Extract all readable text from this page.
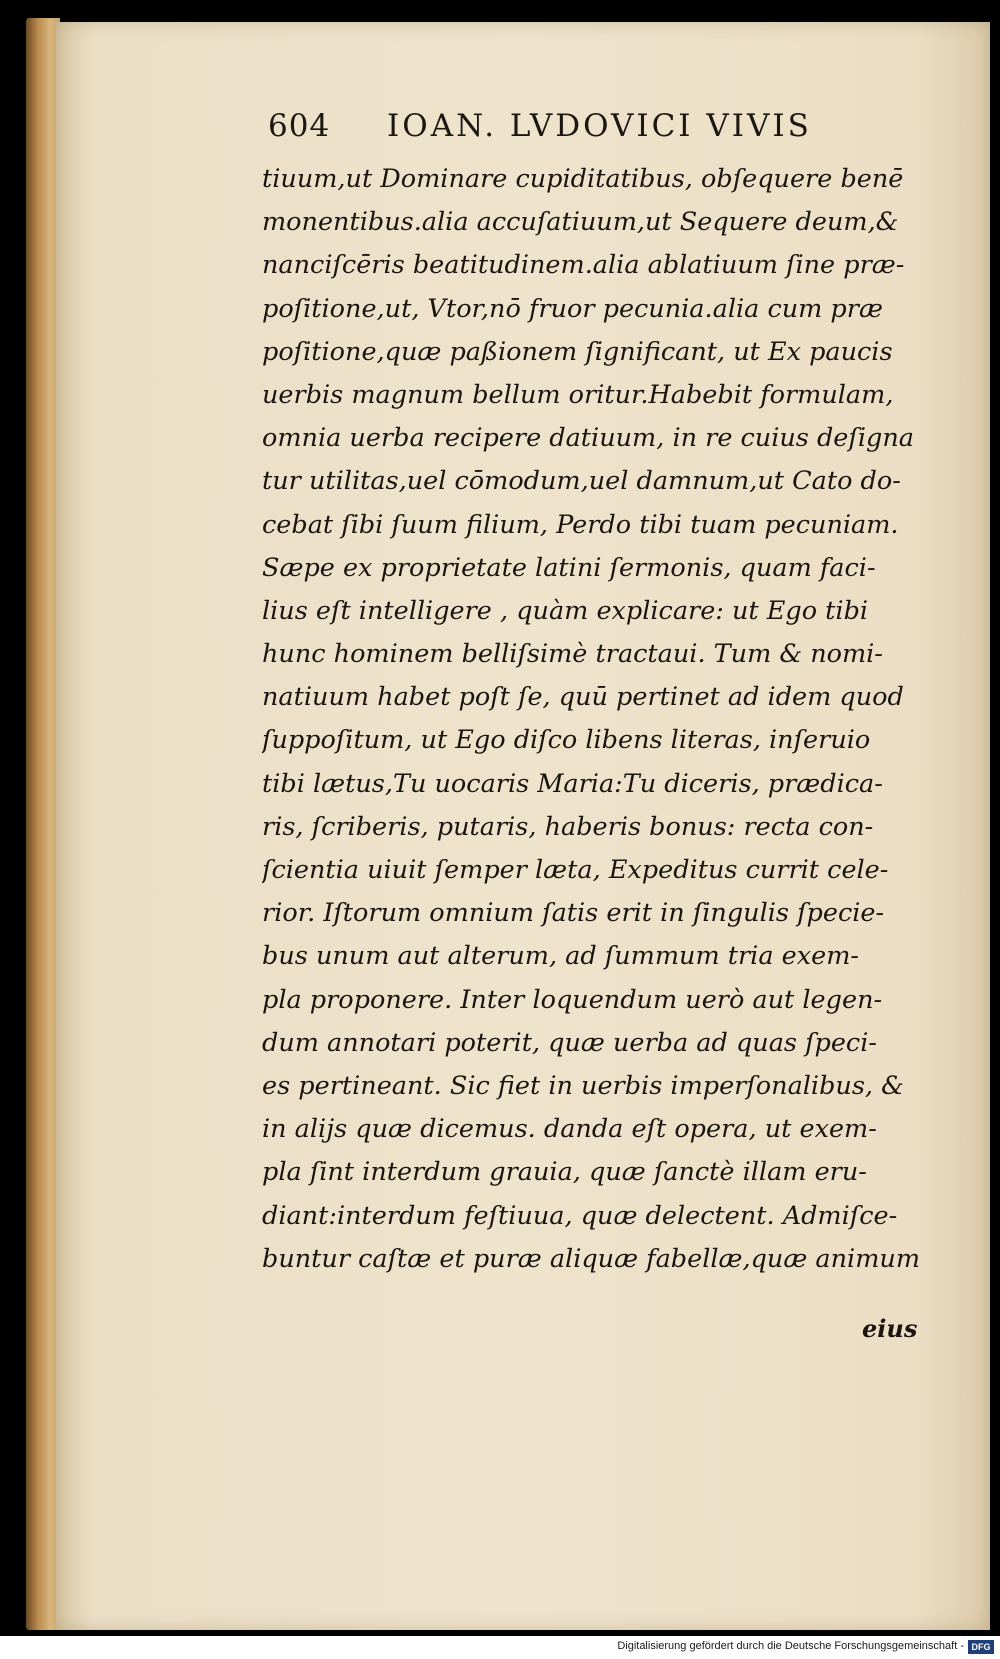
604 IOAN. LVDOVICI VIVIS
tiuum,ut Dominare cupiditatibus, obſequere benē
monentibus.alia accuſatiuum,ut Sequere deum,&
nanciſcēris beatitudinem.alia ablatiuum ſine præ-
poſitione,ut, Vtor,nō fruor pecunia.alia cum præ
poſitione,quæ paßionem ſignificant, ut Ex paucis
uerbis magnum bellum oritur.Habebit formulam,
omnia uerba recipere datiuum, in re cuius deſigna
tur utilitas,uel cōmodum,uel damnum,ut Cato do-
cebat ſibi ſuum filium, Perdo tibi tuam pecuniam.
Sæpe ex proprietate latini ſermonis, quam faci-
lius eſt intelligere , quàm explicare: ut Ego tibi
hunc hominem belliſsimè tractaui. Tum & nomi-
natiuum habet poſt ſe, quū pertinet ad idem quod
ſuppoſitum, ut Ego diſco libens literas, inſeruio
tibi lætus,Tu uocaris Maria:Tu diceris, prædica-
ris, ſcriberis, putaris, haberis bonus: recta con-
ſcientia uiuit ſemper læta, Expeditus currit cele-
rior. Iſtorum omnium ſatis erit in ſingulis ſpecie-
bus unum aut alterum, ad ſummum tria exem-
pla proponere. Inter loquendum uerò aut legen-
dum annotari poterit, quæ uerba ad quas ſpeci-
es pertineant. Sic fiet in uerbis imperſonalibus, &
in alijs quæ dicemus. danda eſt opera, ut exem-
pla ſint interdum grauia, quæ ſanctè illam eru-
diant:interdum feſtiuua, quæ delectent. Admiſce-
buntur caſtæ et puræ aliquæ fabellæ,quæ animum
eius
Digitalisierung gefördert durch die Deutsche Forschungsgemeinschaft - DFG
